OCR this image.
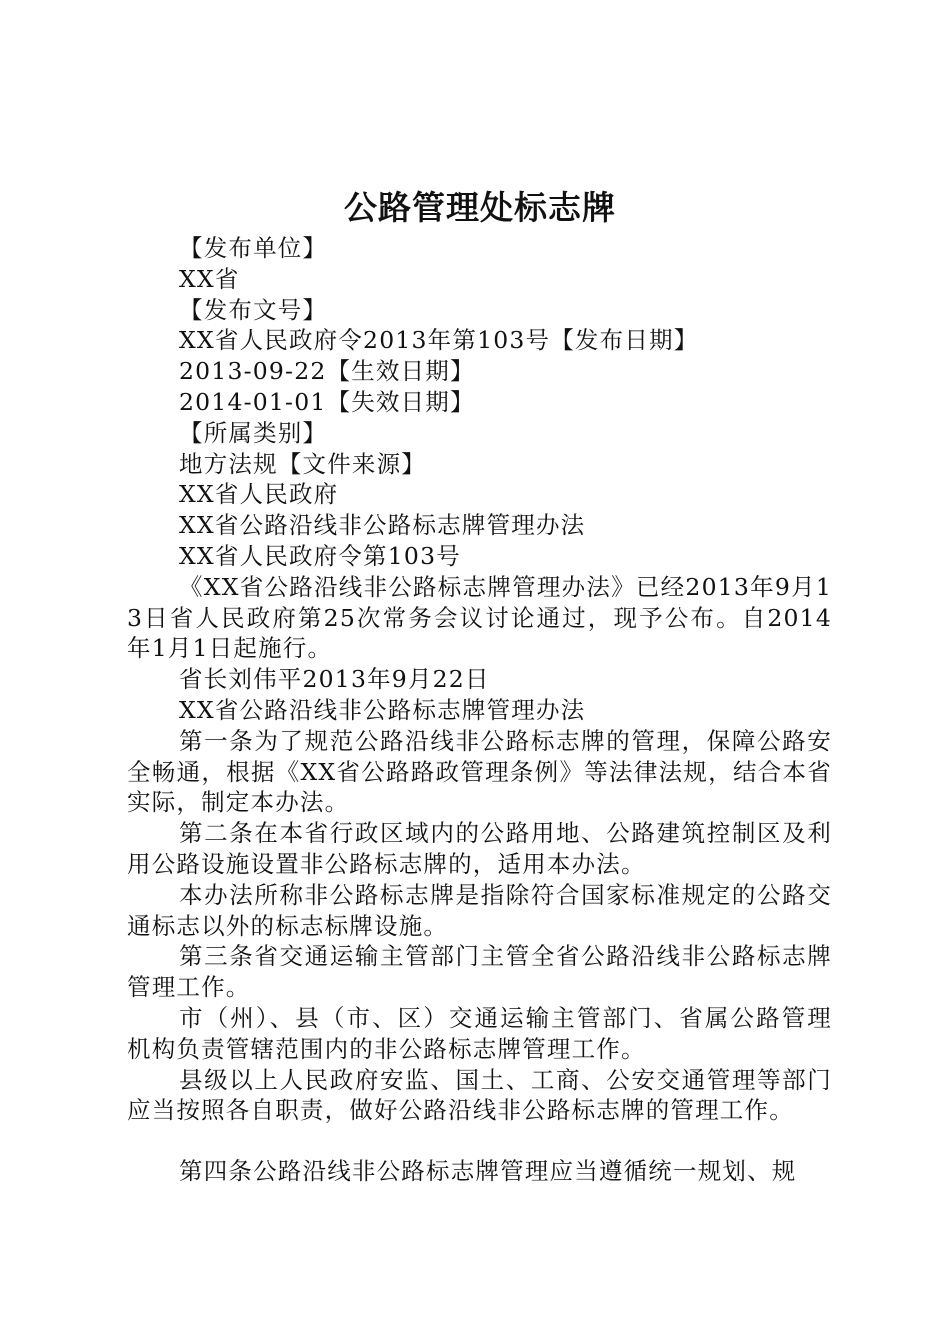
公路管理处标志牌

【发布单位】

XX省

【发布文号】

XX省人民政府令2013年第103号【发布日期】

2013-09-22【生效日期】

2014-01-01【失效日期】

【所属类别】

地方法规【文件来源】

XX省人民政府

XX省公路沿线非公路标志牌管理办法

XX省人民政府令第103号

《XX省公路沿线非公路标志牌管理办法》已经2013年9月13日省人民政府第25次常务会议讨论通过，现予公布。自2014年1月1日起施行。

省长刘伟平2013年9月22日

XX省公路沿线非公路标志牌管理办法

第一条为了规范公路沿线非公路标志牌的管理，保障公路安全畅通，根据《XX省公路路政管理条例》等法律法规，结合本省实际，制定本办法。

第二条在本省行政区域内的公路用地、公路建筑控制区及利用公路设施设置非公路标志牌的，适用本办法。

本办法所称非公路标志牌是指除符合国家标准规定的公路交通标志以外的标志标牌设施。

第三条省交通运输主管部门主管全省公路沿线非公路标志牌管理工作。

市（州）、县（市、区）交通运输主管部门、省属公路管理机构负责管辖范围内的非公路标志牌管理工作。

县级以上人民政府安监、国土、工商、公安交通管理等部门应当按照各自职责，做好公路沿线非公路标志牌的管理工作。

第四条公路沿线非公路标志牌管理应当遵循统一规划、规
